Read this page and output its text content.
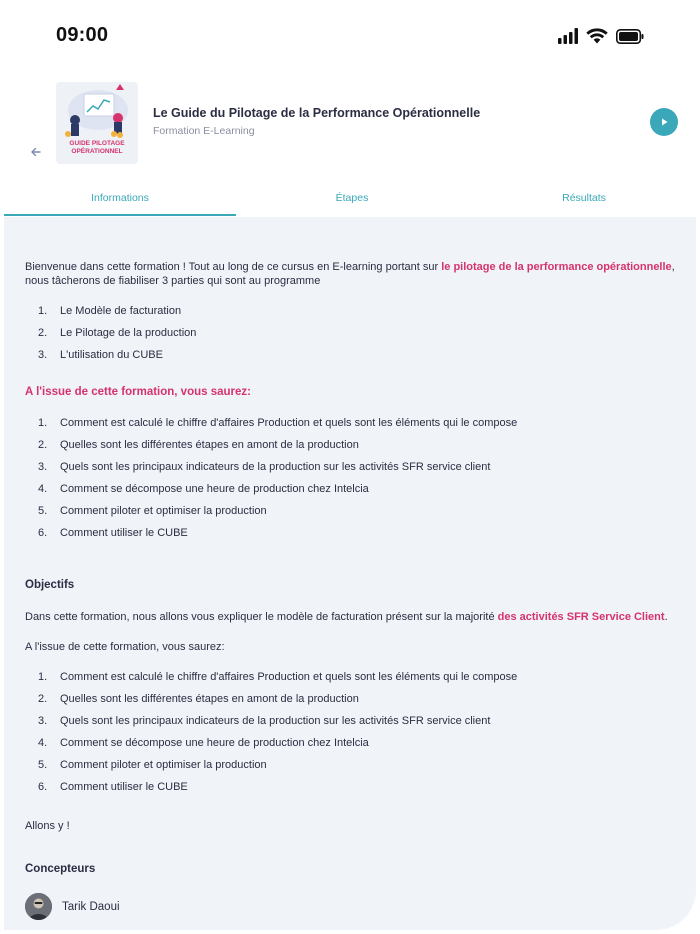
09:00
GUIDE PILOTAGE OPÉRATIONNEL
Le Guide du Pilotage de la Performance Opérationnelle
Formation E-Learning
Informations	Étapes	Résultats

Bienvenue dans cette formation ! Tout au long de ce cursus en E-learning portant sur le pilotage de la performance opérationnelle,

nous tâcherons de fiabiliser 3 parties qui sont au programme

1.	Le Modèle de facturation
2.	Le Pilotage de la production
3.	L'utilisation du CUBE

A l'issue de cette formation, vous saurez:

1.	Comment est calculé le chiffre d'affaires Production et quels sont les éléments qui le compose
2.	Quelles sont les différentes étapes en amont de la production
3.	Quels sont les principaux indicateurs de la production sur les activités SFR service client
4.	Comment se décompose une heure de production chez Intelcia
5.	Comment piloter et optimiser la production
6.	Comment utiliser le CUBE

Objectifs

Dans cette formation, nous allons vous expliquer le modèle de facturation présent sur la majorité des activités SFR Service Client.

A l'issue de cette formation, vous saurez:

1.	Comment est calculé le chiffre d'affaires Production et quels sont les éléments qui le compose
2.	Quelles sont les différentes étapes en amont de la production
3.	Quels sont les principaux indicateurs de la production sur les activités SFR service client
4.	Comment se décompose une heure de production chez Intelcia
5.	Comment piloter et optimiser la production
6.	Comment utiliser le CUBE

Allons y !

Concepteurs

Tarik Daoui
